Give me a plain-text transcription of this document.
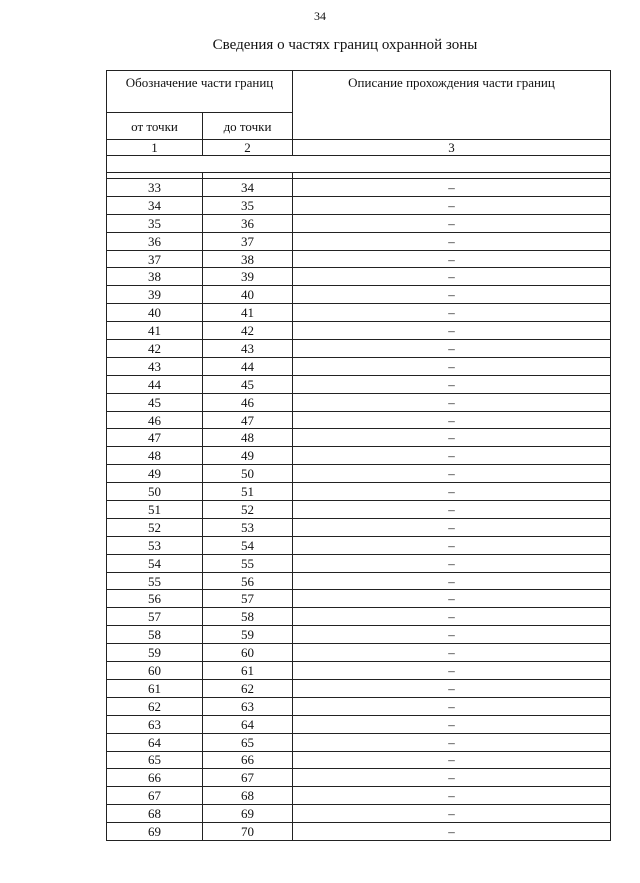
34
Сведения о частях границ охранной зоны
Обозначение части границ		Описание прохождения части границ
от точки	до точки	
1	2	3

33	34	–
34	35	–
35	36	–
36	37	–
37	38	–
38	39	–
39	40	–
40	41	–
41	42	–
42	43	–
43	44	–
44	45	–
45	46	–
46	47	–
47	48	–
48	49	–
49	50	–
50	51	–
51	52	–
52	53	–
53	54	–
54	55	–
55	56	–
56	57	–
57	58	–
58	59	–
59	60	–
60	61	–
61	62	–
62	63	–
63	64	–
64	65	–
65	66	–
66	67	–
67	68	–
68	69	–
69	70	–
